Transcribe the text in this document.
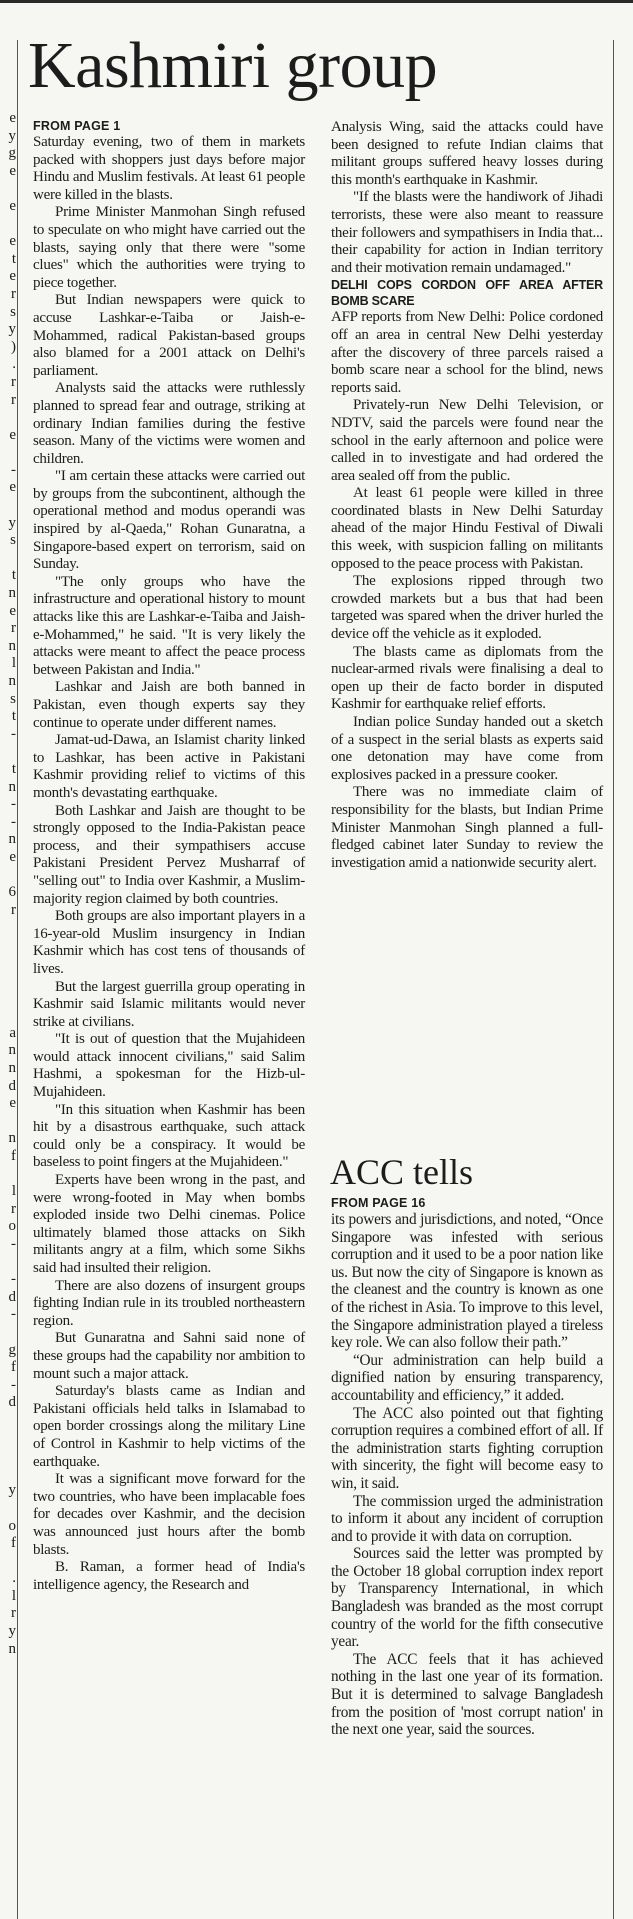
e
y
g
e
e
e
t
e
r
s
y
)
.
r
r
e
-
e
y
s
t
n
e
r
n
l
n
s
t
-
t
n
-
-
n
e
6
r
a
n
n
d
e
n
f
l
r
o
-
-
d
-
g
f
-
d
y
o
f
.
l
r
y
n
Kashmiri group
FROM PAGE 1

Saturday evening, two of them in markets packed with shoppers just days before major Hindu and Muslim festivals. At least 61 people were killed in the blasts.

Prime Minister Manmohan Singh refused to speculate on who might have carried out the blasts, saying only that there were "some clues" which the authorities were trying to piece together.

But Indian newspapers were quick to accuse Lashkar-e-Taiba or Jaish-e-Mohammed, radical Pakistan-based groups also blamed for a 2001 attack on Delhi's parliament.

Analysts said the attacks were ruthlessly planned to spread fear and outrage, striking at ordinary Indian families during the festive season. Many of the victims were women and children.

"I am certain these attacks were carried out by groups from the subcontinent, although the operational method and modus operandi was inspired by al-Qaeda," Rohan Gunaratna, a Singapore-based expert on terrorism, said on Sunday.

"The only groups who have the infrastructure and operational history to mount attacks like this are Lashkar-e-Taiba and Jaish-e-Mohammed," he said. "It is very likely the attacks were meant to affect the peace process between Pakistan and India."

Lashkar and Jaish are both banned in Pakistan, even though experts say they continue to operate under different names.

Jamat-ud-Dawa, an Islamist charity linked to Lashkar, has been active in Pakistani Kashmir providing relief to victims of this month's devastating earthquake.

Both Lashkar and Jaish are thought to be strongly opposed to the India-Pakistan peace process, and their sympathisers accuse Pakistani President Pervez Musharraf of "selling out" to India over Kashmir, a Muslim-majority region claimed by both countries.

Both groups are also important players in a 16-year-old Muslim insurgency in Indian Kashmir which has cost tens of thousands of lives.

But the largest guerrilla group operating in Kashmir said Islamic militants would never strike at civilians.

"It is out of question that the Mujahideen would attack innocent civilians," said Salim Hashmi, a spokesman for the Hizb-ul-Mujahideen.

"In this situation when Kashmir has been hit by a disastrous earthquake, such attack could only be a conspiracy. It would be baseless to point fingers at the Mujahideen."

Experts have been wrong in the past, and were wrong-footed in May when bombs exploded inside two Delhi cinemas. Police ultimately blamed those attacks on Sikh militants angry at a film, which some Sikhs said had insulted their religion.

There are also dozens of insurgent groups fighting Indian rule in its troubled northeastern region.

But Gunaratna and Sahni said none of these groups had the capability nor ambition to mount such a major attack.

Saturday's blasts came as Indian and Pakistani officials held talks in Islamabad to open border crossings along the military Line of Control in Kashmir to help victims of the earthquake.

It was a significant move forward for the two countries, who have been implacable foes for decades over Kashmir, and the decision was announced just hours after the bomb blasts.

B. Raman, a former head of India's intelligence agency, the Research and

Analysis Wing, said the attacks could have been designed to refute Indian claims that militant groups suffered heavy losses during this month's earthquake in Kashmir.

"If the blasts were the handiwork of Jihadi terrorists, these were also meant to reassure their followers and sympathisers in India that... their capability for action in Indian territory and their motivation remain undamaged."

DELHI COPS CORDON OFF AREA AFTER BOMB SCARE

AFP reports from New Delhi: Police cordoned off an area in central New Delhi yesterday after the discovery of three parcels raised a bomb scare near a school for the blind, news reports said.

Privately-run New Delhi Television, or NDTV, said the parcels were found near the school in the early afternoon and police were called in to investigate and had ordered the area sealed off from the public.

At least 61 people were killed in three coordinated blasts in New Delhi Saturday ahead of the major Hindu Festival of Diwali this week, with suspicion falling on militants opposed to the peace process with Pakistan.

The explosions ripped through two crowded markets but a bus that had been targeted was spared when the driver hurled the device off the vehicle as it exploded.

The blasts came as diplomats from the nuclear-armed rivals were finalising a deal to open up their de facto border in disputed Kashmir for earthquake relief efforts.

Indian police Sunday handed out a sketch of a suspect in the serial blasts as experts said one detonation may have come from explosives packed in a pressure cooker.

There was no immediate claim of responsibility for the blasts, but Indian Prime Minister Manmohan Singh planned a full-fledged cabinet later Sunday to review the investigation amid a nationwide security alert.

ACC tells
FROM PAGE 16

its powers and jurisdictions, and noted, “Once Singapore was infested with serious corruption and it used to be a poor nation like us. But now the city of Singapore is known as the cleanest and the country is known as one of the richest in Asia. To improve to this level, the Singapore administration played a tireless key role. We can also follow their path.”

“Our administration can help build a dignified nation by ensuring transparency, accountability and efficiency,” it added.

The ACC also pointed out that fighting corruption requires a combined effort of all. If the administration starts fighting corruption with sincerity, the fight will become easy to win, it said.

The commission urged the administration to inform it about any incident of corruption and to provide it with data on corruption.

Sources said the letter was prompted by the October 18 global corruption index report by Transparency International, in which Bangladesh was branded as the most corrupt country of the world for the fifth consecutive year.

The ACC feels that it has achieved nothing in the last one year of its formation. But it is determined to salvage Bangladesh from the position of 'most corrupt nation' in the next one year, said the sources.
